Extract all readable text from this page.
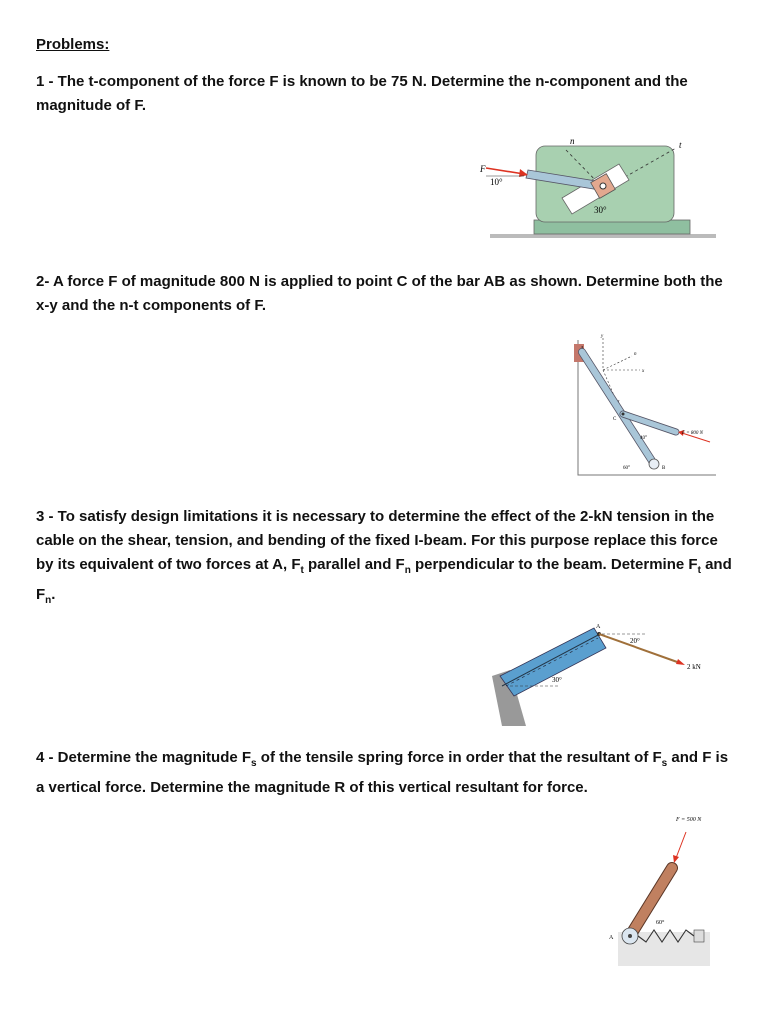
Problems:
1 - The t-component of the force F is known to be 75 N. Determine the n-component and the magnitude of F.
n	t
F
10°
30°
2- A force F of magnitude 800 N is applied to point C of the bar AB as shown. Determine both the x-y and the n-t components of F.
y
x
n
C
B
F = 800 N
40°
60°
3 - To satisfy design limitations it is necessary to determine the effect of the 2-kN tension in the cable on the shear, tension, and bending of the fixed I-beam. For this purpose replace this force by its equivalent of two forces at A, $F_t$ parallel and $F_n$ perpendicular to the beam. Determine $F_t$ and $F_n$.
A
20°
30°
2 kN
4 - Determine the magnitude $F_s$ of the tensile spring force in order that the resultant of $F_s$ and F is a vertical force. Determine the magnitude R of this vertical resultant for force.
A
60°
F = 500 N
